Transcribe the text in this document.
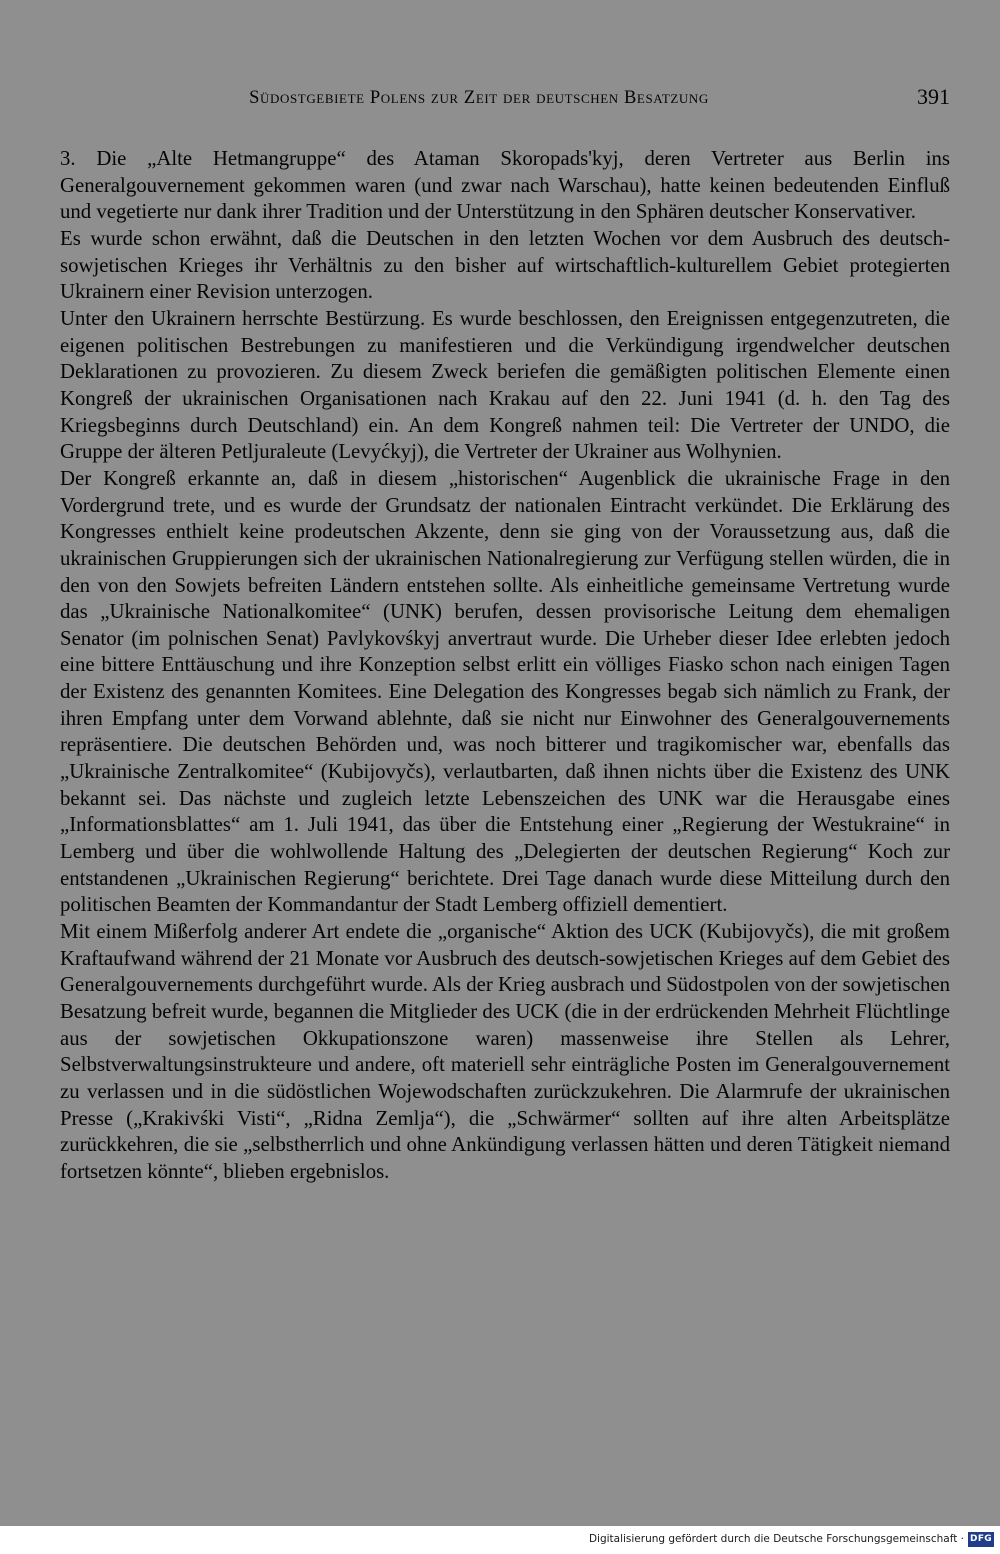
Südostgebiete Polens zur Zeit der deutschen Besatzung	391

3. Die „Alte Hetmangruppe“ des Ataman Skoropads'kyj, deren Vertreter aus Berlin ins Generalgouvernement gekommen waren (und zwar nach Warschau), hatte keinen bedeutenden Einfluß und vegetierte nur dank ihrer Tradition und der Unterstützung in den Sphären deutscher Konservativer.

Es wurde schon erwähnt, daß die Deutschen in den letzten Wochen vor dem Ausbruch des deutsch-sowjetischen Krieges ihr Verhältnis zu den bisher auf wirtschaftlich-kulturellem Gebiet protegierten Ukrainern einer Revision unterzogen.

Unter den Ukrainern herrschte Bestürzung. Es wurde beschlossen, den Ereignissen entgegenzutreten, die eigenen politischen Bestrebungen zu manifestieren und die Verkündigung irgendwelcher deutschen Deklarationen zu provozieren. Zu diesem Zweck beriefen die gemäßigten politischen Elemente einen Kongreß der ukrainischen Organisationen nach Krakau auf den 22. Juni 1941 (d. h. den Tag des Kriegsbeginns durch Deutschland) ein. An dem Kongreß nahmen teil: Die Vertreter der UNDO, die Gruppe der älteren Petljuraleute (Levyćkyj), die Vertreter der Ukrainer aus Wolhynien.

Der Kongreß erkannte an, daß in diesem „historischen“ Augenblick die ukrainische Frage in den Vordergrund trete, und es wurde der Grundsatz der nationalen Eintracht verkündet. Die Erklärung des Kongresses enthielt keine prodeutschen Akzente, denn sie ging von der Voraussetzung aus, daß die ukrainischen Gruppierungen sich der ukrainischen Nationalregierung zur Verfügung stellen würden, die in den von den Sowjets befreiten Ländern entstehen sollte. Als einheitliche gemeinsame Vertretung wurde das „Ukrainische Nationalkomitee“ (UNK) berufen, dessen provisorische Leitung dem ehemaligen Senator (im polnischen Senat) Pavlykovśkyj anvertraut wurde. Die Urheber dieser Idee erlebten jedoch eine bittere Enttäuschung und ihre Konzeption selbst erlitt ein völliges Fiasko schon nach einigen Tagen der Existenz des genannten Komitees. Eine Delegation des Kongresses begab sich nämlich zu Frank, der ihren Empfang unter dem Vorwand ablehnte, daß sie nicht nur Einwohner des Generalgouvernements repräsentiere. Die deutschen Behörden und, was noch bitterer und tragikomischer war, ebenfalls das „Ukrainische Zentralkomitee“ (Kubijovyčs), verlautbarten, daß ihnen nichts über die Existenz des UNK bekannt sei. Das nächste und zugleich letzte Lebenszeichen des UNK war die Herausgabe eines „Informationsblattes“ am 1. Juli 1941, das über die Entstehung einer „Regierung der Westukraine“ in Lemberg und über die wohlwollende Haltung des „Delegierten der deutschen Regierung“ Koch zur entstandenen „Ukrainischen Regierung“ berichtete. Drei Tage danach wurde diese Mitteilung durch den politischen Beamten der Kommandantur der Stadt Lemberg offiziell dementiert.

Mit einem Mißerfolg anderer Art endete die „organische“ Aktion des UCK (Kubijovyčs), die mit großem Kraftaufwand während der 21 Monate vor Ausbruch des deutsch-sowjetischen Krieges auf dem Gebiet des Generalgouvernements durchgeführt wurde. Als der Krieg ausbrach und Südostpolen von der sowjetischen Besatzung befreit wurde, begannen die Mitglieder des UCK (die in der erdrückenden Mehrheit Flüchtlinge aus der sowjetischen Okkupationszone waren) massenweise ihre Stellen als Lehrer, Selbstverwaltungsinstrukteure und andere, oft materiell sehr einträgliche Posten im Generalgouvernement zu verlassen und in die südöstlichen Wojewodschaften zurückzukehren. Die Alarmrufe der ukrainischen Presse („Krakivśki Visti“, „Ridna Zemlja“), die „Schwärmer“ sollten auf ihre alten Arbeitsplätze zurückkehren, die sie „selbstherrlich und ohne Ankündigung verlassen hätten und deren Tätigkeit niemand fortsetzen könnte“, blieben ergebnislos.

Digitalisierung gefördert durch die Deutsche Forschungsgemeinschaft · DFG
